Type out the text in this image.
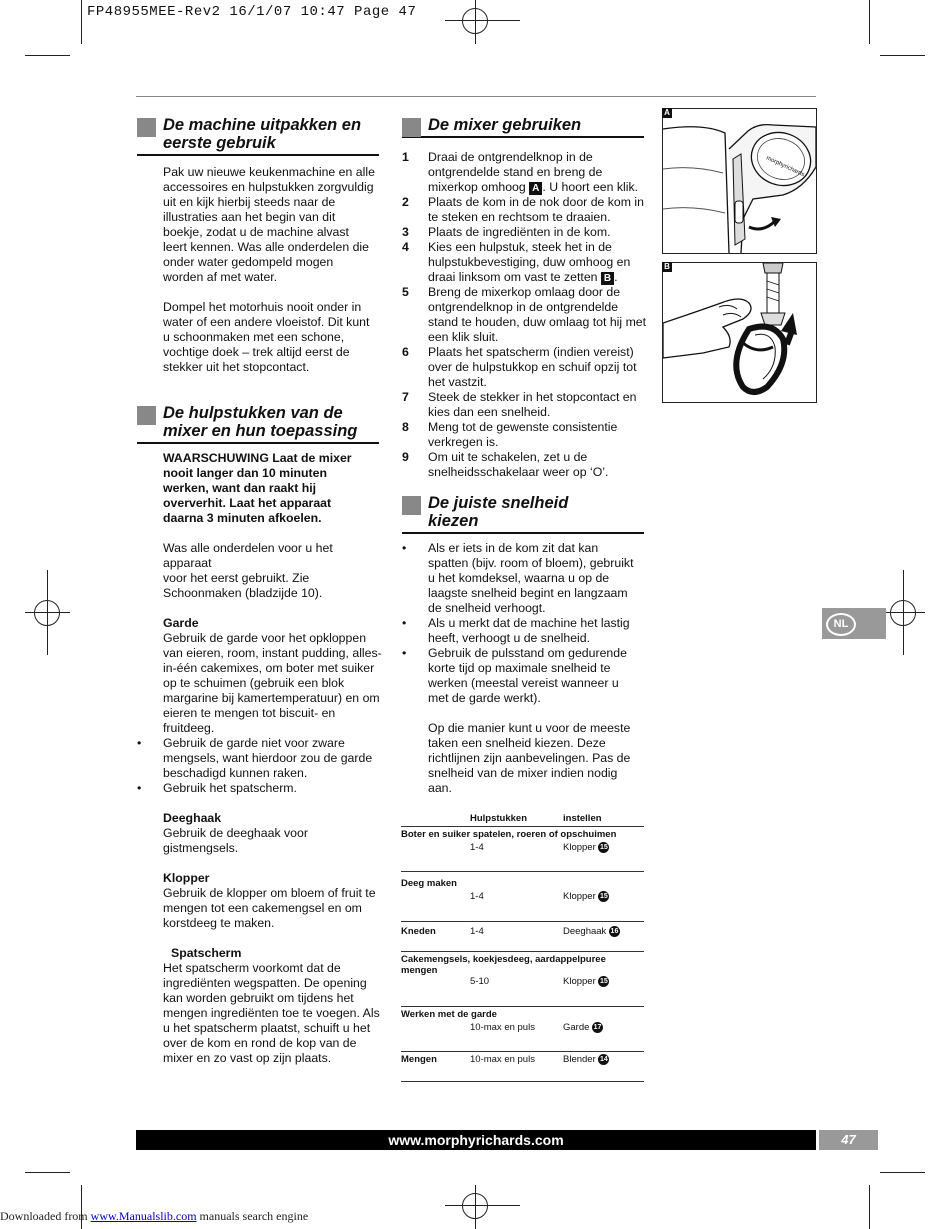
FP48955MEE-Rev2 16/1/07 10:47 Page 47
De machine uitpakken en
eerste gebruik

Pak uw nieuwe keukenmachine en alle

accessoires en hulpstukken zorgvuldig

uit en kijk hierbij steeds naar de

illustraties aan het begin van dit

boekje, zodat u de machine alvast

leert kennen. Was alle onderdelen die

onder water gedompeld mogen

worden af met water.

Dompel het motorhuis nooit onder in

water of een andere vloeistof. Dit kunt

u schoonmaken met een schone,

vochtige doek – trek altijd eerst de

stekker uit het stopcontact.

De hulpstukken van de
mixer en hun toepassing

WAARSCHUWING Laat de mixer

nooit langer dan 10 minuten

werken, want dan raakt hij

oververhit. Laat het apparaat

daarna 3 minuten afkoelen.

Was alle onderdelen voor u het apparaat

voor het eerst gebruikt. Zie

Schoonmaken (bladzijde 10).

Garde

Gebruik de garde voor het opkloppen

van eieren, room, instant pudding, alles-

in-één cakemixes, om boter met suiker

op te schuimen (gebruik een blok

margarine bij kamertemperatuur) en om

eieren te mengen tot biscuit- en

fruitdeeg.

• Gebruik de garde niet voor zware

mengsels, want hierdoor zou de garde

beschadigd kunnen raken.

• Gebruik het spatscherm.

Deeghaak

Gebruik de deeghaak voor

gistmengsels.

Klopper

Gebruik de klopper om bloem of fruit te

mengen tot een cakemengsel en om

korstdeeg te maken.

Spatscherm

Het spatscherm voorkomt dat de

ingrediënten wegspatten. De opening

kan worden gebruikt om tijdens het

mengen ingrediënten toe te voegen. Als

u het spatscherm plaatst, schuift u het

over de kom en rond de kop van de

mixer en zo vast op zijn plaats.

De mixer gebruiken
1 Draai de ontgrendelknop in de

ontgrendelde stand en breng de

mixerkop omhoog A . U hoort een klik.

2 Plaats de kom in de nok door de kom in

te steken en rechtsom te draaien.

3 Plaats de ingrediënten in de kom.

4 Kies een hulpstuk, steek het in de

hulpstukbevestiging, duw omhoog en

draai linksom om vast te zetten B .

5 Breng de mixerkop omlaag door de

ontgrendelknop in de ontgrendelde

stand te houden, duw omlaag tot hij met

een klik sluit.

6 Plaats het spatscherm (indien vereist)

over de hulpstukkop en schuif opzij tot

het vastzit.

7 Steek de stekker in het stopcontact en

kies dan een snelheid.

8 Meng tot de gewenste consistentie

verkregen is.

9 Om uit te schakelen, zet u de

snelheidsschakelaar weer op ‘O’.

De juiste snelheid
kiezen

• Als er iets in de kom zit dat kan

spatten (bijv. room of bloem), gebruikt

u het komdeksel, waarna u op de

laagste snelheid begint en langzaam

de snelheid verhoogt.

• Als u merkt dat de machine het lastig

heeft, verhoogt u de snelheid.

• Gebruik de pulsstand om gedurende

korte tijd op maximale snelheid te

werken (meestal vereist wanneer u

met de garde werkt).

Op die manier kunt u voor de meeste

taken een snelheid kiezen. Deze

richtlijnen zijn aanbevelingen. Pas de

snelheid van de mixer indien nodig

aan.

	Hulpstukken	instellen
Boter en suiker spatelen, roeren of opschuimen		
	1-4	Klopper 15
Deeg maken	1-4	Klopper 15
Kneden	1-4	Deeghaak 16
Cakemengsels, koekjesdeeg, aardappelpuree mengen		
	5-10	Klopper 15
Werken met de garde		
	10-max en puls	Garde 17
Mengen	10-max en puls	Blender 14
A
morphyrichards
B
NL
www.morphyrichards.com	47
Downloaded from www.Manualslib.com manuals search engine
